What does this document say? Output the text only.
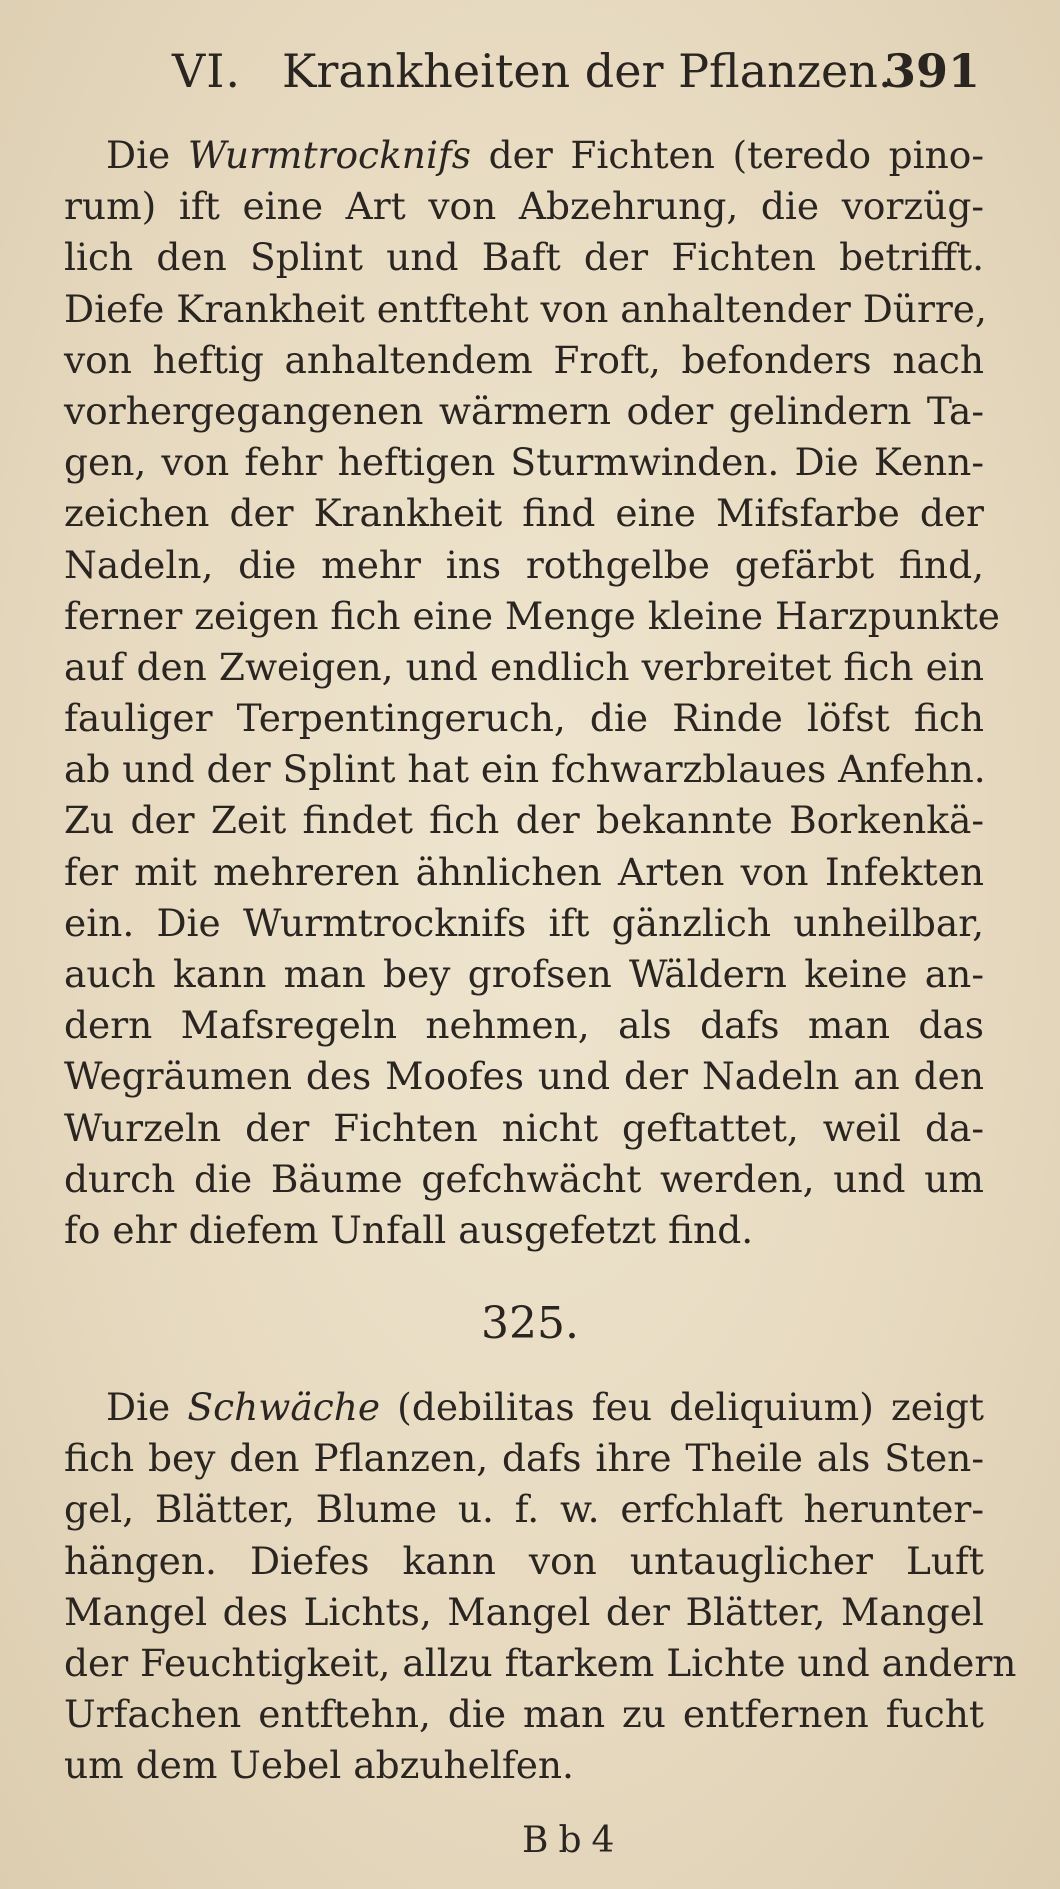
VI. Krankheiten der Pflanzen.
391
Die Wurmtrocknifs der Fichten (teredo pino-
rum) ift eine Art von Abzehrung, die vorzüg-
lich den Splint und Baft der Fichten betrifft.
Diefe Krankheit entfteht von anhaltender Dürre,
von heftig anhaltendem Froft, befonders nach
vorhergegangenen wärmern oder gelindern Ta-
gen, von fehr heftigen Sturmwinden. Die Kenn-
zeichen der Krankheit find eine Mifsfarbe der
Nadeln, die mehr ins rothgelbe gefärbt find,
ferner zeigen fich eine Menge kleine Harzpunkte
auf den Zweigen, und endlich verbreitet fich ein
fauliger Terpentingeruch, die Rinde löfst fich
ab und der Splint hat ein fchwarzblaues Anfehn.
Zu der Zeit findet fich der bekannte Borkenkä-
fer mit mehreren ähnlichen Arten von Infekten
ein. Die Wurmtrocknifs ift gänzlich unheilbar,
auch kann man bey grofsen Wäldern keine an-
dern Mafsregeln nehmen, als dafs man das
Wegräumen des Moofes und der Nadeln an den
Wurzeln der Fichten nicht geftattet, weil da-
durch die Bäume gefchwächt werden, und um
fo ehr diefem Unfall ausgefetzt find.
325.
Die Schwäche (debilitas feu deliquium) zeigt
fich bey den Pflanzen, dafs ihre Theile als Sten-
gel, Blätter, Blume u. f. w. erfchlaft herunter-
hängen. Diefes kann von untauglicher Luft
Mangel des Lichts, Mangel der Blätter, Mangel
der Feuchtigkeit, allzu ftarkem Lichte und andern
Urfachen entftehn, die man zu entfernen fucht
um dem Uebel abzuhelfen.
Bb4
